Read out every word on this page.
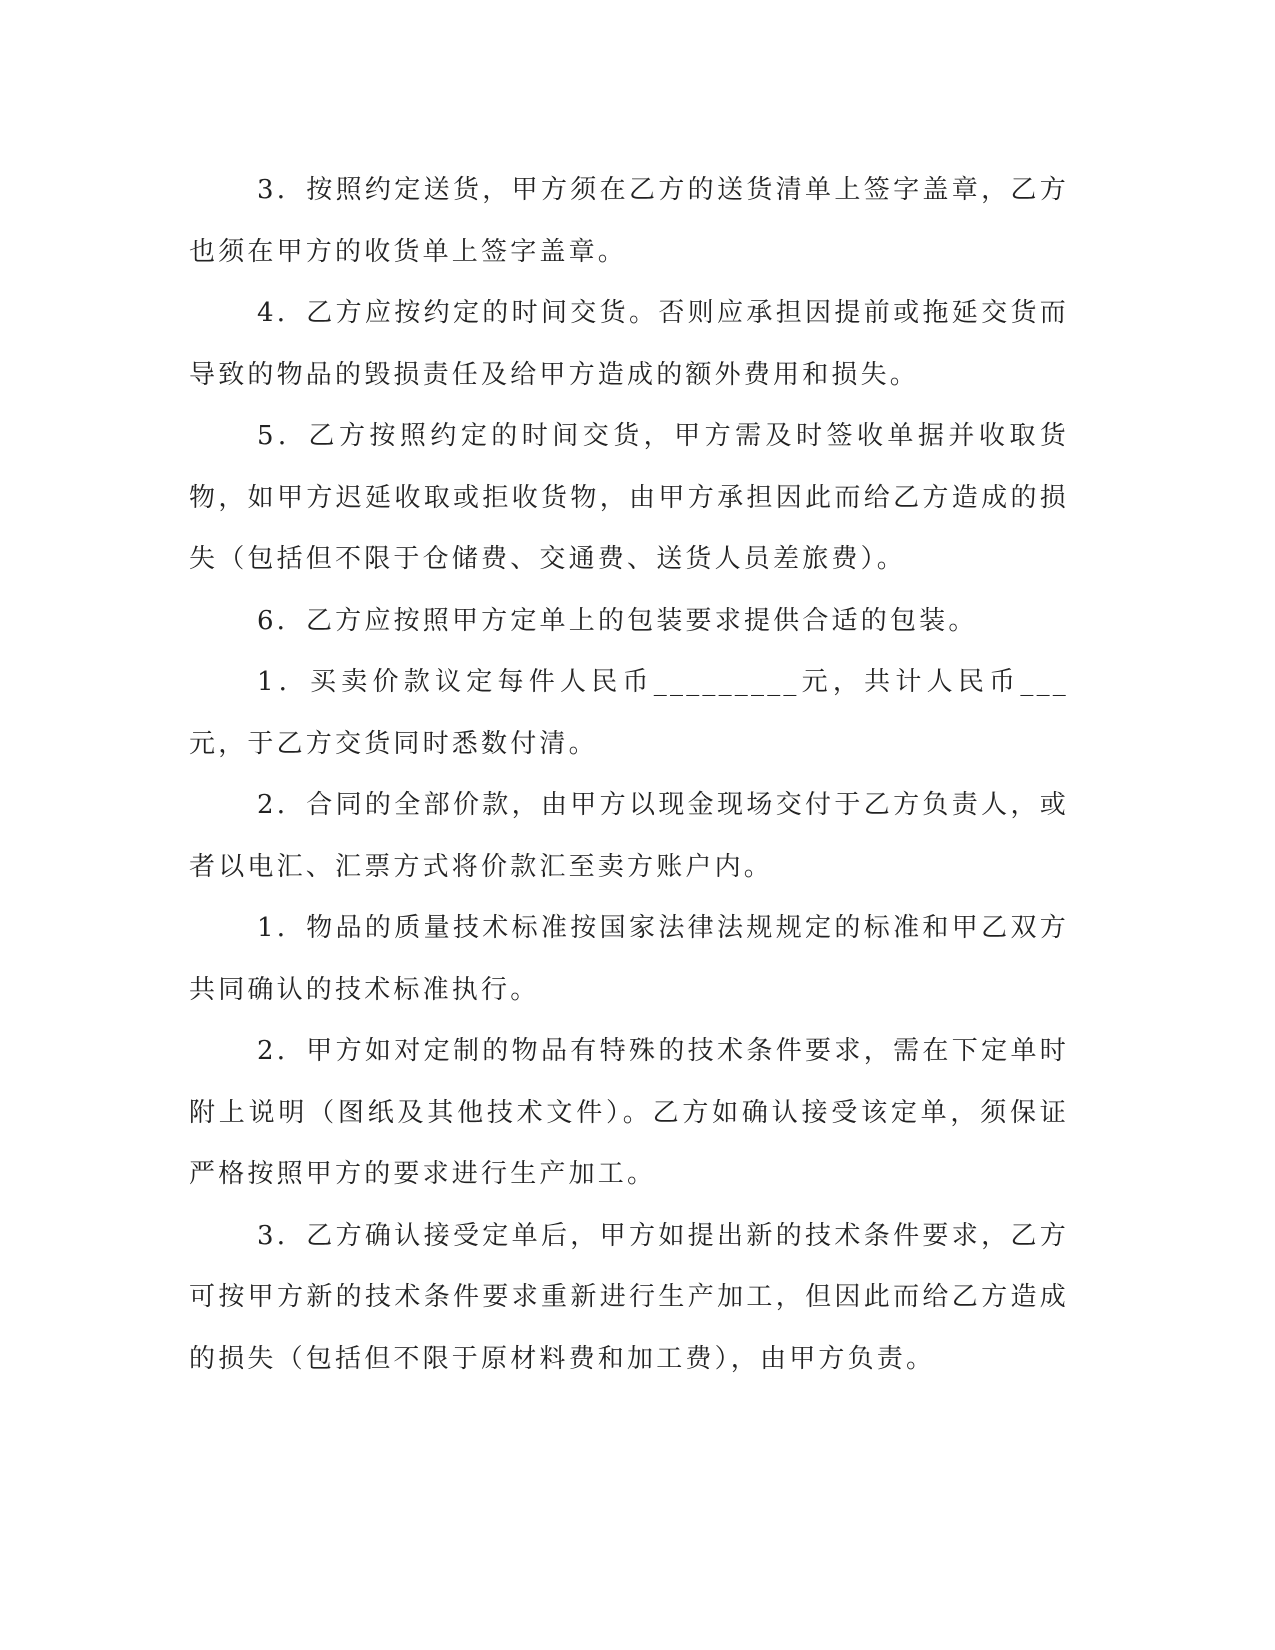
3．按照约定送货，甲方须在乙方的送货清单上签字盖章，乙方也须在甲方的收货单上签字盖章。

4．乙方应按约定的时间交货。否则应承担因提前或拖延交货而导致的物品的毁损责任及给甲方造成的额外费用和损失。

5．乙方按照约定的时间交货，甲方需及时签收单据并收取货物，如甲方迟延收取或拒收货物，由甲方承担因此而给乙方造成的损失（包括但不限于仓储费、交通费、送货人员差旅费）。

6．乙方应按照甲方定单上的包装要求提供合适的包装。

1．买卖价款议定每件人民币_________元，共计人民币___元，于乙方交货同时悉数付清。

2．合同的全部价款，由甲方以现金现场交付于乙方负责人，或者以电汇、汇票方式将价款汇至卖方账户内。

1．物品的质量技术标准按国家法律法规规定的标准和甲乙双方共同确认的技术标准执行。

2．甲方如对定制的物品有特殊的技术条件要求，需在下定单时附上说明（图纸及其他技术文件）。乙方如确认接受该定单，须保证严格按照甲方的要求进行生产加工。

3．乙方确认接受定单后，甲方如提出新的技术条件要求，乙方可按甲方新的技术条件要求重新进行生产加工，但因此而给乙方造成的损失（包括但不限于原材料费和加工费），由甲方负责。
